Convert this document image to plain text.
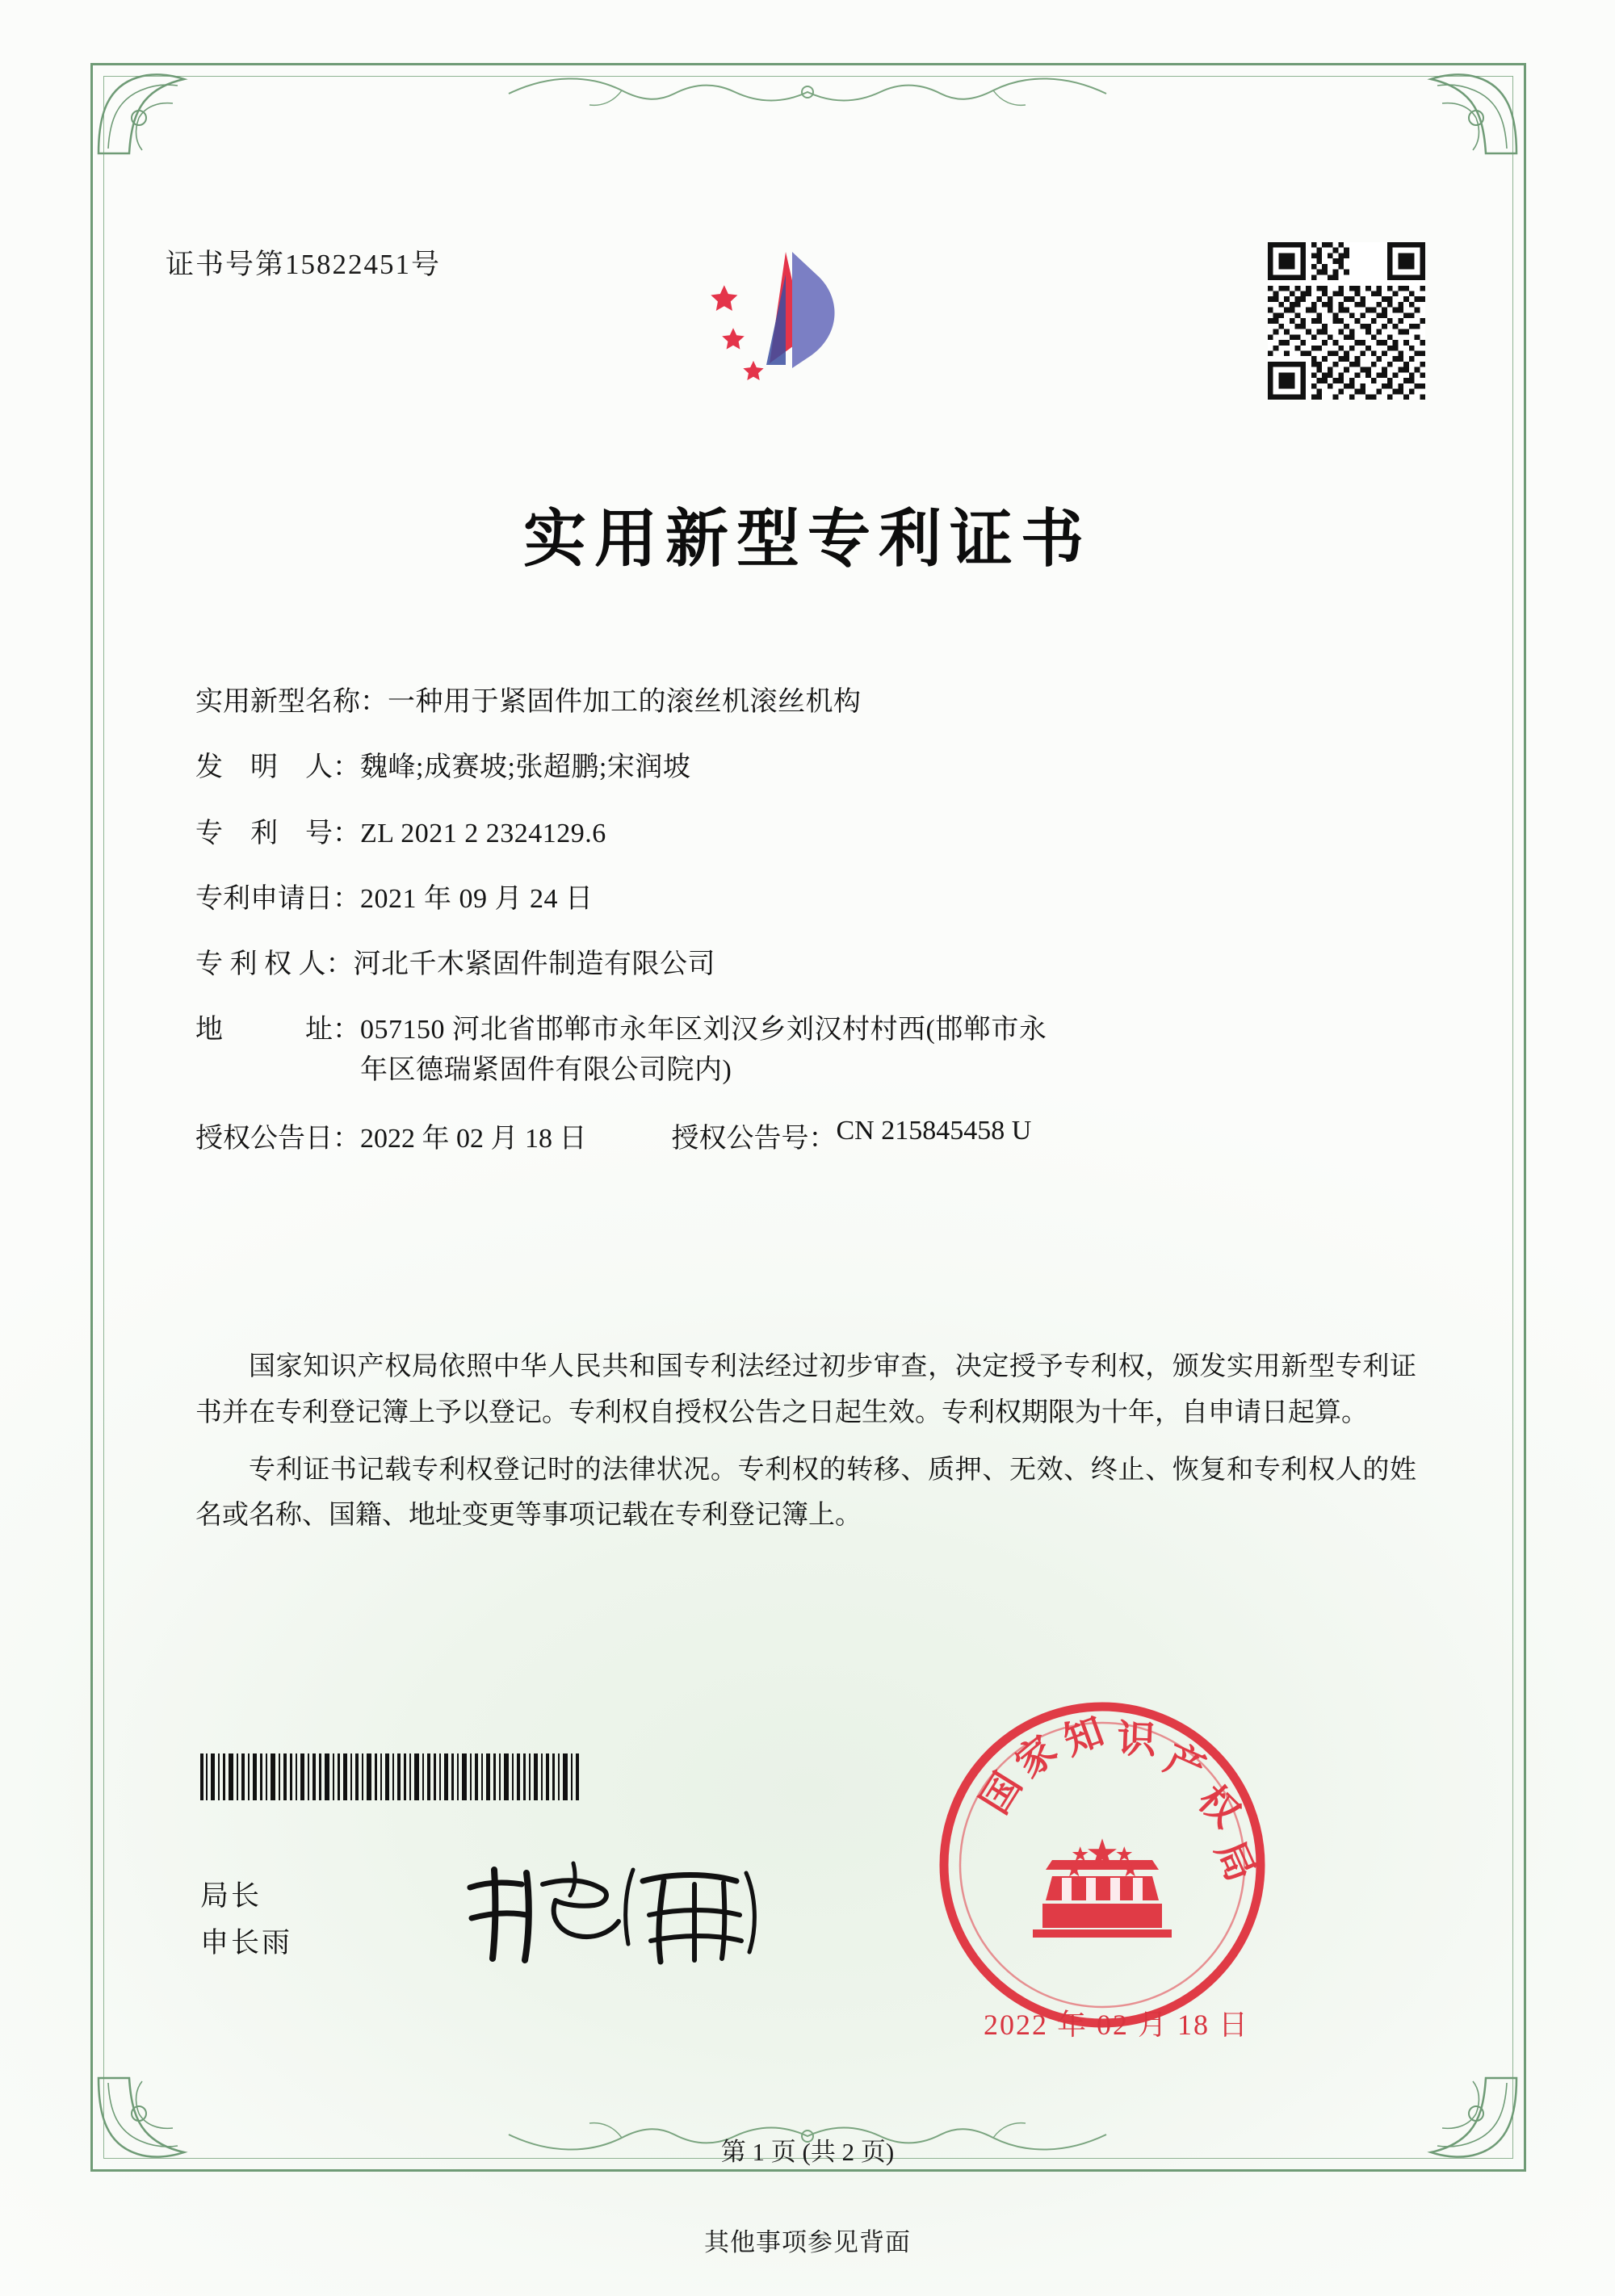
证书号第15822451号
实用新型专利证书
实用新型名称： 一种用于紧固件加工的滚丝机滚丝机构
发　明　人： 魏峰;成赛坡;张超鹏;宋润坡
专　利　号： ZL 2021 2 2324129.6
专利申请日： 2021 年 09 月 24 日
专 利 权 人： 河北千木紧固件制造有限公司
地　　　址： 057150 河北省邯郸市永年区刘汉乡刘汉村村西(邯郸市永
年区德瑞紧固件有限公司院内)
授权公告日： 2022 年 02 月 18 日	授权公告号： CN 215845458 U

国家知识产权局依照中华人民共和国专利法经过初步审查，决定授予专利权，颁发实用新型专利证书并在专利登记簿上予以登记。专利权自授权公告之日起生效。专利权期限为十年，自申请日起算。

专利证书记载专利权登记时的法律状况。专利权的转移、质押、无效、终止、恢复和专利权人的姓名或名称、国籍、地址变更等事项记载在专利登记簿上。

局长
申长雨
国
家
知 识 产
权
局
2022 年 02 月 18 日
第 1 页 (共 2 页)
其他事项参见背面
